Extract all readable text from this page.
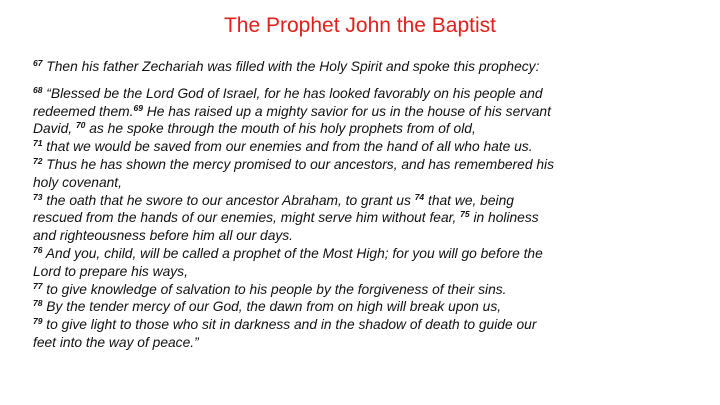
The Prophet John the Baptist

$^{67}$ Then his father Zechariah was filled with the Holy Spirit and spoke this prophecy:

$^{68}$ “Blessed be the Lord God of Israel, for he has looked favorably on his people and
redeemed them.$^{69}$ He has raised up a mighty savior for us in the house of his servant
David, $^{70}$ as he spoke through the mouth of his holy prophets from of old,
$^{71}$ that we would be saved from our enemies and from the hand of all who hate us.
$^{72}$ Thus he has shown the mercy promised to our ancestors, and has remembered his
holy covenant,
$^{73}$ the oath that he swore to our ancestor Abraham, to grant us $^{74}$ that we, being
rescued from the hands of our enemies, might serve him without fear, $^{75}$ in holiness
and righteousness before him all our days.
$^{76}$ And you, child, will be called a prophet of the Most High; for you will go before the
Lord to prepare his ways,
$^{77}$ to give knowledge of salvation to his people by the forgiveness of their sins.
$^{78}$ By the tender mercy of our God, the dawn from on high will break upon us,
$^{79}$ to give light to those who sit in darkness and in the shadow of death to guide our
feet into the way of peace.”
